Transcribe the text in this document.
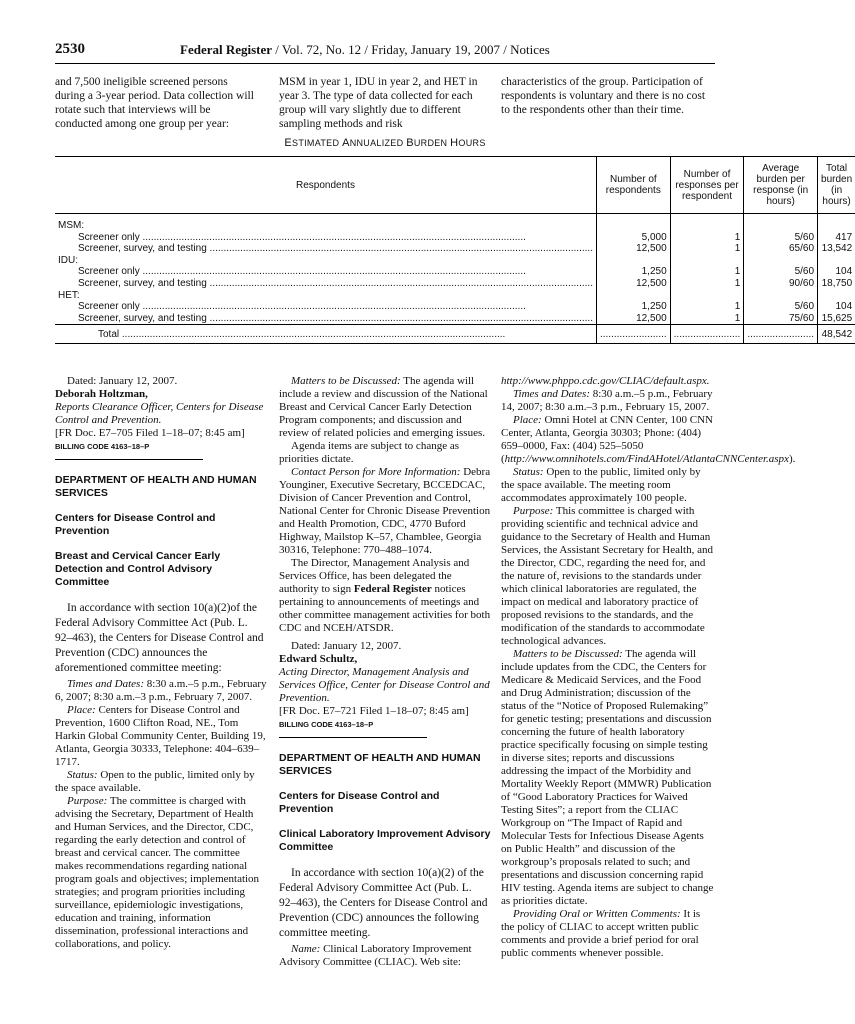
2530	Federal Register / Vol. 72, No. 12 / Friday, January 19, 2007 / Notices

and 7,500 ineligible screened persons during a 3-year period. Data collection will rotate such that interviews will be conducted among one group per year:

MSM in year 1, IDU in year 2, and HET in year 3. The type of data collected for each group will vary slightly due to different sampling methods and risk

characteristics of the group. Participation of respondents is voluntary and there is no cost to the respondents other than their time.

ESTIMATED ANNUALIZED BURDEN HOURS
Respondents	Number of respondents	Number of responses per respondent	Average burden per response (in hours)	Total burden (in hours)

MSM:				

Screener only .....	5,000	1	5/60	417

Screener, survey, and testing .....	12,500	1	65/60	13,542

IDU:				

Screener only .....	1,250	1	5/60	104

Screener, survey, and testing .....	12,500	1	90/60	18,750

HET:				

Screener only .....	1,250	1	5/60	104

Screener, survey, and testing .....	12,500	1	75/60	15,625

Total .....	........................	........................	........................	48,542

Dated: January 12, 2007.

Deborah Holtzman,

Reports Clearance Officer, Centers for Disease Control and Prevention.

[FR Doc. E7–705 Filed 1–18–07; 8:45 am]

BILLING CODE 4163–18–P

DEPARTMENT OF HEALTH AND HUMAN SERVICES

Centers for Disease Control and Prevention

Breast and Cervical Cancer Early Detection and Control Advisory Committee

In accordance with section 10(a)(2)of the Federal Advisory Committee Act (Pub. L. 92–463), the Centers for Disease Control and Prevention (CDC) announces the aforementioned committee meeting:

Times and Dates: 8:30 a.m.–5 p.m., February 6, 2007; 8:30 a.m.–3 p.m., February 7, 2007.

Place: Centers for Disease Control and Prevention, 1600 Clifton Road, NE., Tom Harkin Global Community Center, Building 19, Atlanta, Georgia 30333, Telephone: 404–639–1717.

Status: Open to the public, limited only by the space available.

Purpose: The committee is charged with advising the Secretary, Department of Health and Human Services, and the Director, CDC, regarding the early detection and control of breast and cervical cancer. The committee makes recommendations regarding national program goals and objectives; implementation strategies; and program priorities including surveillance, epidemiologic investigations, education and training, information dissemination, professional interactions and collaborations, and policy.

Matters to be Discussed: The agenda will include a review and discussion of the National Breast and Cervical Cancer Early Detection Program components; and discussion and review of related policies and emerging issues.

Agenda items are subject to change as priorities dictate.

Contact Person for More Information: Debra Younginer, Executive Secretary, BCCEDCAC, Division of Cancer Prevention and Control, National Center for Chronic Disease Prevention and Health Promotion, CDC, 4770 Buford Highway, Mailstop K–57, Chamblee, Georgia 30316, Telephone: 770–488–1074.

The Director, Management Analysis and Services Office, has been delegated the authority to sign Federal Register notices pertaining to announcements of meetings and other committee management activities for both CDC and NCEH/ATSDR.

Dated: January 12, 2007.

Edward Schultz,

Acting Director, Management Analysis and Services Office, Center for Disease Control and Prevention.

[FR Doc. E7–721 Filed 1–18–07; 8:45 am]

BILLING CODE 4163–18–P

DEPARTMENT OF HEALTH AND HUMAN SERVICES

Centers for Disease Control and Prevention

Clinical Laboratory Improvement Advisory Committee

In accordance with section 10(a)(2) of the Federal Advisory Committee Act (Pub. L. 92–463), the Centers for Disease Control and Prevention (CDC) announces the following committee meeting.

Name: Clinical Laboratory Improvement Advisory Committee (CLIAC). Web site:

http://www.phppo.cdc.gov/CLIAC/default.aspx.

Times and Dates: 8:30 a.m.–5 p.m., February 14, 2007; 8:30 a.m.–3 p.m., February 15, 2007.

Place: Omni Hotel at CNN Center, 100 CNN Center, Atlanta, Georgia 30303; Phone: (404) 659–0000, Fax: (404) 525–5050 (http://www.omnihotels.com/FindAHotel/AtlantaCNNCenter.aspx).

Status: Open to the public, limited only by the space available. The meeting room accommodates approximately 100 people.

Purpose: This committee is charged with providing scientific and technical advice and guidance to the Secretary of Health and Human Services, the Assistant Secretary for Health, and the Director, CDC, regarding the need for, and the nature of, revisions to the standards under which clinical laboratories are regulated, the impact on medical and laboratory practice of proposed revisions to the standards, and the modification of the standards to accommodate technological advances.

Matters to be Discussed: The agenda will include updates from the CDC, the Centers for Medicare & Medicaid Services, and the Food and Drug Administration; discussion of the status of the “Notice of Proposed Rulemaking” for genetic testing; presentations and discussion concerning the future of health laboratory practice specifically focusing on simple testing in diverse sites; reports and discussions addressing the impact of the Morbidity and Mortality Weekly Report (MMWR) Publication of “Good Laboratory Practices for Waived Testing Sites”; a report from the CLIAC Workgroup on “The Impact of Rapid and Molecular Tests for Infectious Disease Agents on Public Health” and discussion of the workgroup’s proposals related to such; and presentations and discussion concerning rapid HIV testing. Agenda items are subject to change as priorities dictate.

Providing Oral or Written Comments: It is the policy of CLIAC to accept written public comments and provide a brief period for oral public comments whenever possible.
